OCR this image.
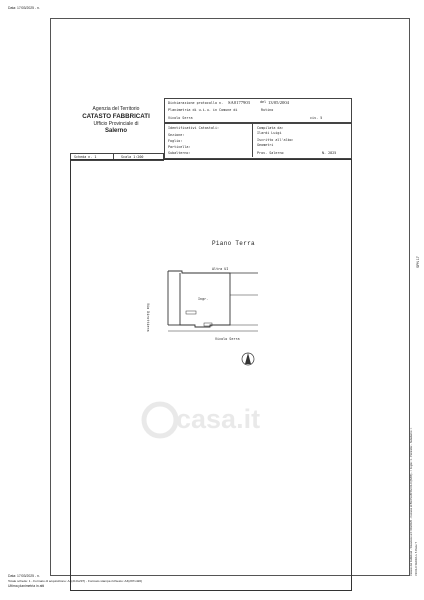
Data: 17/03/2025 - n.
Agenzia del Territorio
CATASTO FABBRICATI
Ufficio Provinciale di
Salerno
Dichiarazione protocollo n. SA0177903	del 13/05/2004
Planimetria di u.i.u. in Comune di	Rutino
Vicolo Serra	civ. 5
Identificativi Catastali:
Sezione:
Foglio:
Particella:
Subalterno:
Compilata da:
Ilardi Luigi
Iscritto all'albo:
Geometri
Prov. Salerno	N. 2825
Scheda n. 1	Scala 1:200
Piano Terra
Altra UI
Ingr.
Via Dirottiera
Vicolo Serra
casa.it
SPN 17
Catasto dei Fabbricati - Situazione al 17/03/2025 - Comune di BUONABITACOLO (B266) - < Foglio: 1 - Particella: - Subalterno: > VICOLO SERRA n. 5 Piano T
Data: 17/03/2025 - n.
Totale schede: 1 - Formato di acquisizione: A4(210x297) - Formato stampa richiesto: A3(297x420)
Ultima planimetria in atti
